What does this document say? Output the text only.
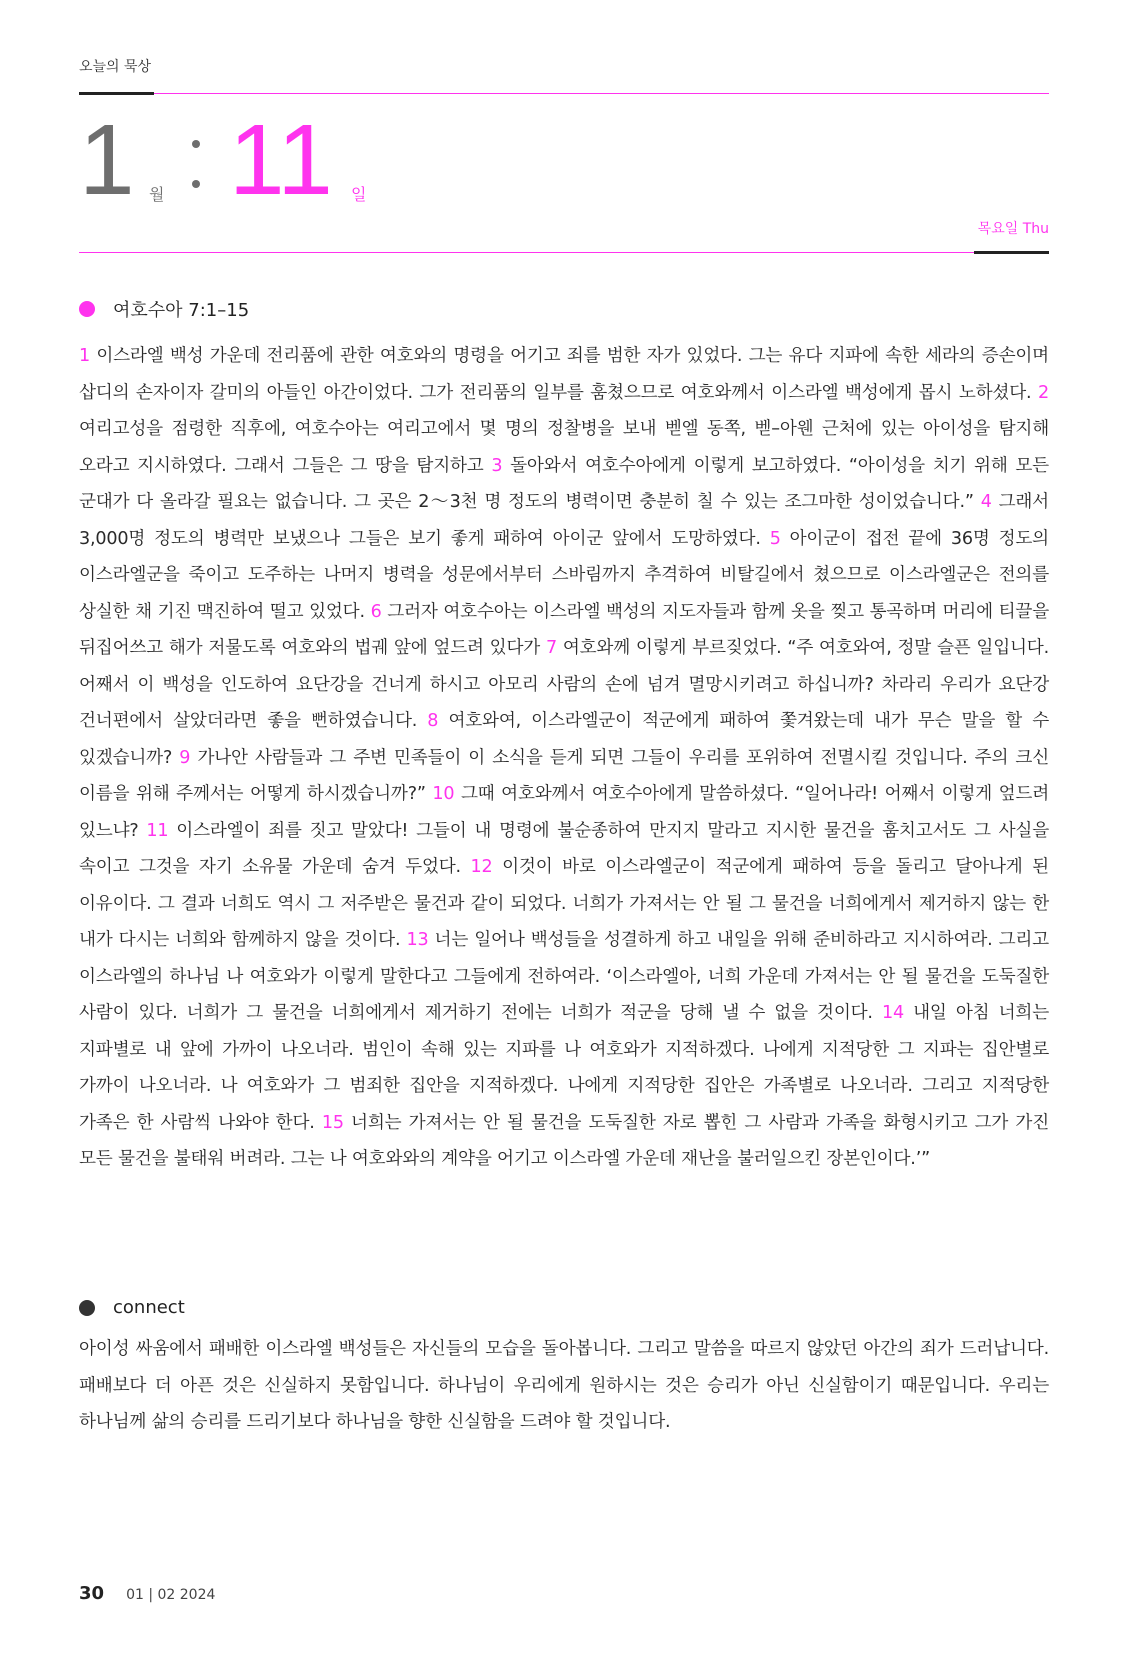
오늘의 묵상
1 월 11 일
목요일 Thu
여호수아 7:1–15
1 이스라엘 백성 가운데 전리품에 관한 여호와의 명령을 어기고 죄를 범한 자가 있었다. 그는 유다 지파에 속한 세라의 증손이며 삽디의 손자이자 갈미의 아들인 아간이었다. 그가 전리품의 일부를 훔쳤으므로 여호와께서 이스라엘 백성에게 몹시 노하셨다. 2 여리고성을 점령한 직후에, 여호수아는 여리고에서 몇 명의 정찰병을 보내 벧엘 동쪽, 벧–아웬 근처에 있는 아이성을 탐지해 오라고 지시하였다. 그래서 그들은 그 땅을 탐지하고 3 돌아와서 여호수아에게 이렇게 보고하였다. “아이성을 치기 위해 모든 군대가 다 올라갈 필요는 없습니다. 그 곳은 2～3천 명 정도의 병력이면 충분히 칠 수 있는 조그마한 성이었습니다.” 4 그래서 3,000명 정도의 병력만 보냈으나 그들은 보기 좋게 패하여 아이군 앞에서 도망하였다. 5 아이군이 접전 끝에 36명 정도의 이스라엘군을 죽이고 도주하는 나머지 병력을 성문에서부터 스바림까지 추격하여 비탈길에서 쳤으므로 이스라엘군은 전의를 상실한 채 기진 맥진하여 떨고 있었다. 6 그러자 여호수아는 이스라엘 백성의 지도자들과 함께 옷을 찢고 통곡하며 머리에 티끌을 뒤집어쓰고 해가 저물도록 여호와의 법궤 앞에 엎드려 있다가 7 여호와께 이렇게 부르짖었다. “주 여호와여, 정말 슬픈 일입니다. 어째서 이 백성을 인도하여 요단강을 건너게 하시고 아모리 사람의 손에 넘겨 멸망시키려고 하십니까? 차라리 우리가 요단강 건너편에서 살았더라면 좋을 뻔하였습니다. 8 여호와여, 이스라엘군이 적군에게 패하여 쫓겨왔는데 내가 무슨 말을 할 수 있겠습니까? 9 가나안 사람들과 그 주변 민족들이 이 소식을 듣게 되면 그들이 우리를 포위하여 전멸시킬 것입니다. 주의 크신 이름을 위해 주께서는 어떻게 하시겠습니까?” 10 그때 여호와께서 여호수아에게 말씀하셨다. “일어나라! 어째서 이렇게 엎드려 있느냐? 11 이스라엘이 죄를 짓고 말았다! 그들이 내 명령에 불순종하여 만지지 말라고 지시한 물건을 훔치고서도 그 사실을 속이고 그것을 자기 소유물 가운데 숨겨 두었다. 12 이것이 바로 이스라엘군이 적군에게 패하여 등을 돌리고 달아나게 된 이유이다. 그 결과 너희도 역시 그 저주받은 물건과 같이 되었다. 너희가 가져서는 안 될 그 물건을 너희에게서 제거하지 않는 한 내가 다시는 너희와 함께하지 않을 것이다. 13 너는 일어나 백성들을 성결하게 하고 내일을 위해 준비하라고 지시하여라. 그리고 이스라엘의 하나님 나 여호와가 이렇게 말한다고 그들에게 전하여라. ‘이스라엘아, 너희 가운데 가져서는 안 될 물건을 도둑질한 사람이 있다. 너희가 그 물건을 너희에게서 제거하기 전에는 너희가 적군을 당해 낼 수 없을 것이다. 14 내일 아침 너희는 지파별로 내 앞에 가까이 나오너라. 범인이 속해 있는 지파를 나 여호와가 지적하겠다. 나에게 지적당한 그 지파는 집안별로 가까이 나오너라. 나 여호와가 그 범죄한 집안을 지적하겠다. 나에게 지적당한 집안은 가족별로 나오너라. 그리고 지적당한 가족은 한 사람씩 나와야 한다. 15 너희는 가져서는 안 될 물건을 도둑질한 자로 뽑힌 그 사람과 가족을 화형시키고 그가 가진 모든 물건을 불태워 버려라. 그는 나 여호와와의 계약을 어기고 이스라엘 가운데 재난을 불러일으킨 장본인이다.’”
connect
아이성 싸움에서 패배한 이스라엘 백성들은 자신들의 모습을 돌아봅니다. 그리고 말씀을 따르지 않았던 아간의 죄가 드러납니다. 패배보다 더 아픈 것은 신실하지 못함입니다. 하나님이 우리에게 원하시는 것은 승리가 아닌 신실함이기 때문입니다. 우리는 하나님께 삶의 승리를 드리기보다 하나님을 향한 신실함을 드려야 할 것입니다.
30 01 | 02 2024
